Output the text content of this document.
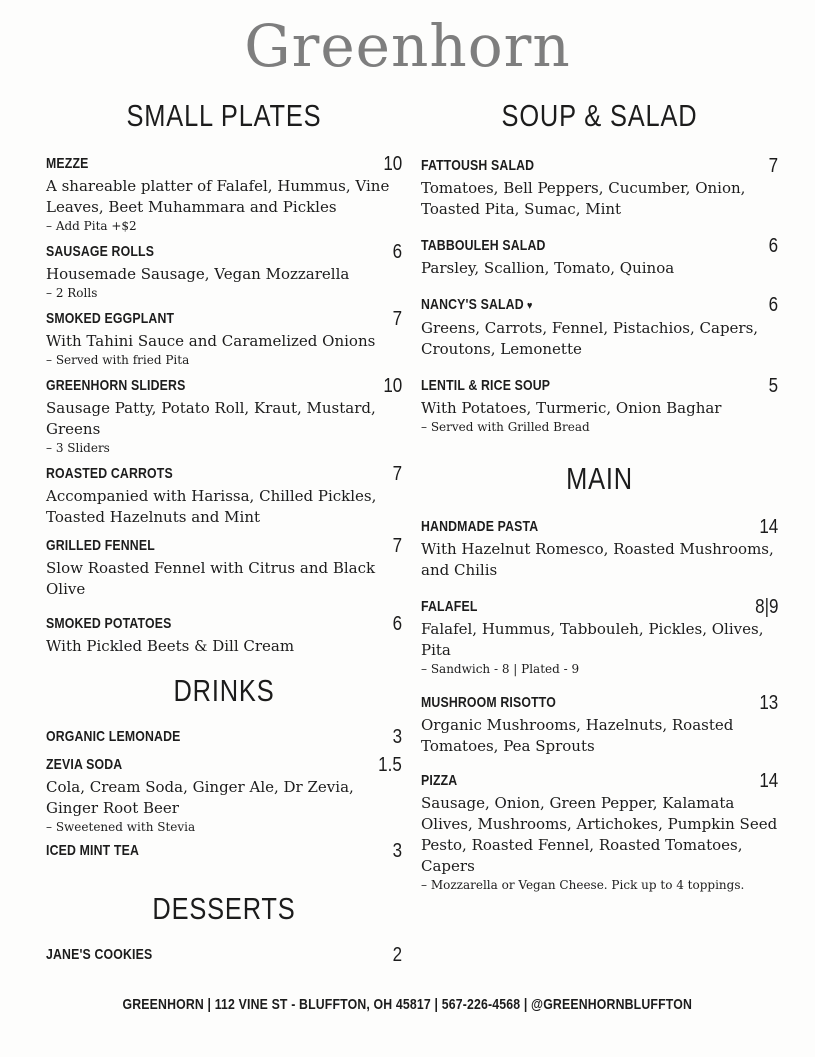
Greenhorn
SMALL PLATES
MEZZE	10

A shareable platter of Falafel, Hummus, Vine Leaves, Beet Muhammara and Pickles

– Add Pita +$2

SAUSAGE ROLLS	6

Housemade Sausage, Vegan Mozzarella

– 2 Rolls

SMOKED EGGPLANT	7

With Tahini Sauce and Caramelized Onions

– Served with fried Pita

GREENHORN SLIDERS	10

Sausage Patty, Potato Roll, Kraut, Mustard, Greens

– 3 Sliders

ROASTED CARROTS	7

Accompanied with Harissa, Chilled Pickles, Toasted Hazelnuts and Mint

GRILLED FENNEL	7

Slow Roasted Fennel with Citrus and Black Olive

SMOKED POTATOES	6

With Pickled Beets & Dill Cream

DRINKS
ORGANIC LEMONADE	3
ZEVIA SODA	1.5

Cola, Cream Soda, Ginger Ale, Dr Zevia, Ginger Root Beer

– Sweetened with Stevia

ICED MINT TEA	3
DESSERTS
JANE'S COOKIES	2
SOUP & SALAD
FATTOUSH SALAD	7

Tomatoes, Bell Peppers, Cucumber, Onion, Toasted Pita, Sumac, Mint

TABBOULEH SALAD	6

Parsley, Scallion, Tomato, Quinoa

NANCY'S SALAD ♥	6

Greens, Carrots, Fennel, Pistachios, Capers, Croutons, Lemonette

LENTIL & RICE SOUP	5

With Potatoes, Turmeric, Onion Baghar

– Served with Grilled Bread

MAIN
HANDMADE PASTA	14

With Hazelnut Romesco, Roasted Mushrooms, and Chilis

FALAFEL	8|9

Falafel, Hummus, Tabbouleh, Pickles, Olives, Pita

– Sandwich - 8 | Plated - 9

MUSHROOM RISOTTO	13

Organic Mushrooms, Hazelnuts, Roasted Tomatoes, Pea Sprouts

PIZZA	14

Sausage, Onion, Green Pepper, Kalamata Olives, Mushrooms, Artichokes, Pumpkin Seed Pesto, Roasted Fennel, Roasted Tomatoes, Capers

– Mozzarella or Vegan Cheese. Pick up to 4 toppings.

GREENHORN | 112 VINE ST - BLUFFTON, OH 45817 | 567-226-4568 | @GREENHORNBLUFFTON
